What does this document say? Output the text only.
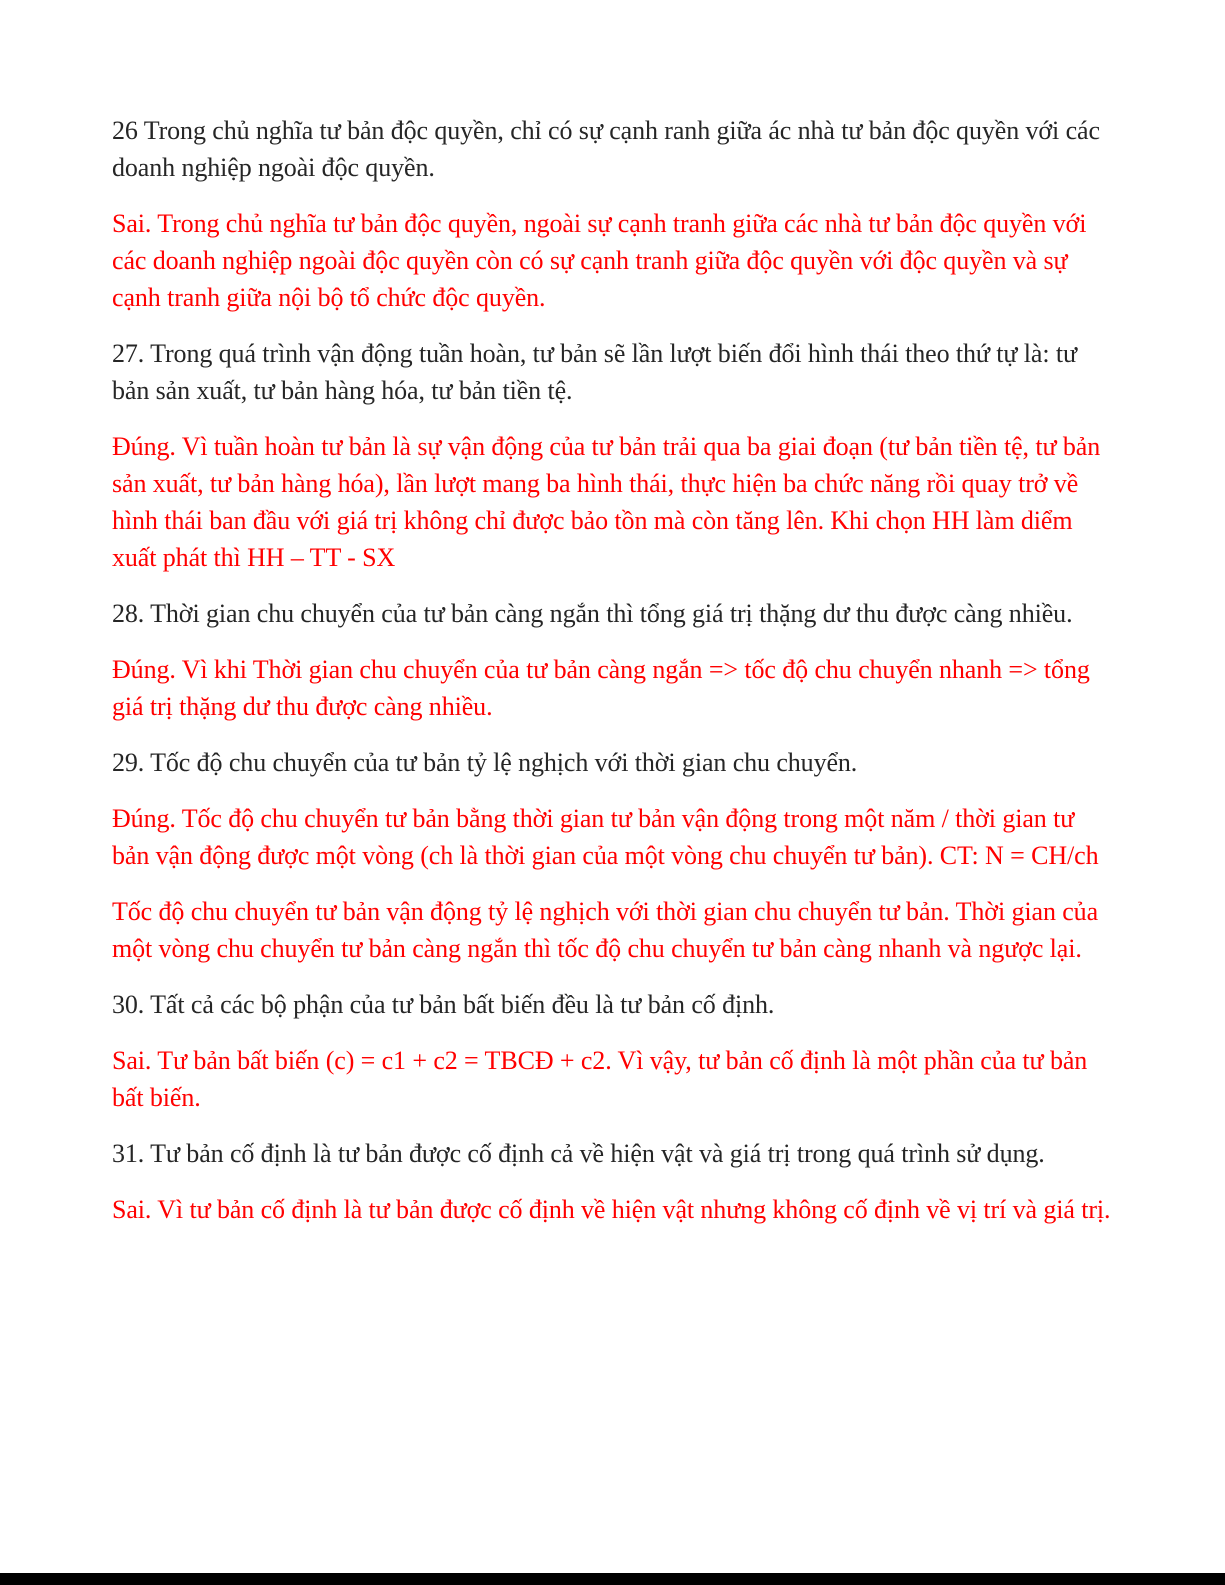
26 Trong chủ nghĩa tư bản độc quyền, chỉ có sự cạnh ranh giữa ác nhà tư bản độc quyền với các doanh nghiệp ngoài độc quyền.

Sai. Trong chủ nghĩa tư bản độc quyền, ngoài sự cạnh tranh giữa các nhà tư bản độc quyền với các doanh nghiệp ngoài độc quyền còn có sự cạnh tranh giữa độc quyền với độc quyền và sự cạnh tranh giữa nội bộ tổ chức độc quyền.

27. Trong quá trình vận động tuần hoàn, tư bản sẽ lần lượt biến đổi hình thái theo thứ tự là: tư bản sản xuất, tư bản hàng hóa, tư bản tiền tệ.

Đúng. Vì tuần hoàn tư bản là sự vận động của tư bản trải qua ba giai đoạn (tư bản tiền tệ, tư bản sản xuất, tư bản hàng hóa), lần lượt mang ba hình thái, thực hiện ba chức năng rồi quay trở về hình thái ban đầu với giá trị không chỉ được bảo tồn mà còn tăng lên. Khi chọn HH làm diểm xuất phát thì HH – TT - SX

28. Thời gian chu chuyển của tư bản càng ngắn thì tổng giá trị thặng dư thu được càng nhiều.

Đúng. Vì khi Thời gian chu chuyển của tư bản càng ngắn => tốc độ chu chuyển nhanh => tổng giá trị thặng dư thu được càng nhiều.

29. Tốc độ chu chuyển của tư bản tỷ lệ nghịch với thời gian chu chuyển.

Đúng. Tốc độ chu chuyển tư bản bằng thời gian tư bản vận động trong một năm / thời gian tư bản vận động được một vòng (ch là thời gian của một vòng chu chuyển tư bản). CT: N = CH/ch

Tốc độ chu chuyển tư bản vận động tỷ lệ nghịch với thời gian chu chuyển tư bản. Thời gian của một vòng chu chuyển tư bản càng ngắn thì tốc độ chu chuyển tư bản càng nhanh và ngược lại.

30. Tất cả các bộ phận của tư bản bất biến đều là tư bản cố định.

Sai. Tư bản bất biến (c) = c1 + c2 = TBCĐ + c2. Vì vậy, tư bản cố định là một phần của tư bản bất biến.

31. Tư bản cố định là tư bản được cố định cả về hiện vật và giá trị trong quá trình sử dụng.

Sai. Vì tư bản cố định là tư bản được cố định về hiện vật nhưng không cố định về vị trí và giá trị.
